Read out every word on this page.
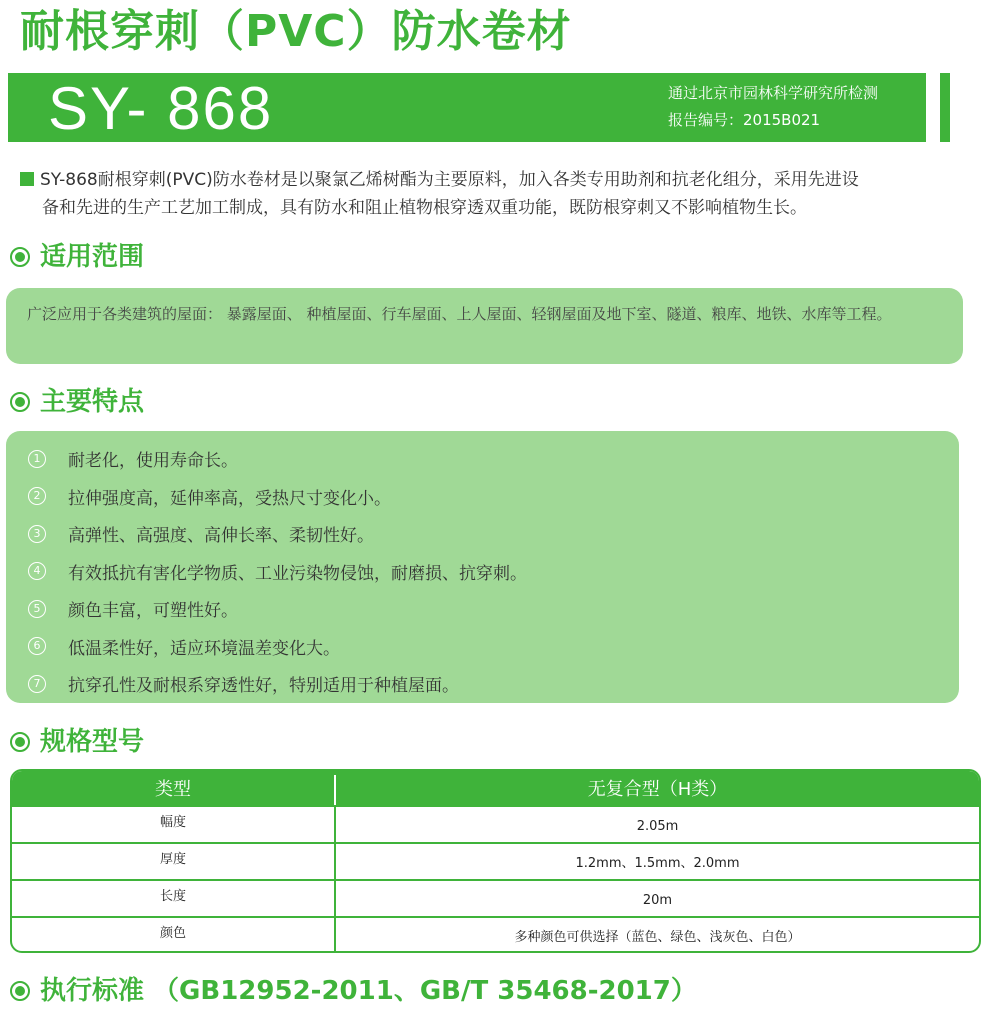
耐根穿刺（PVC）防水卷材
SY- 868	通过北京市园林科学研究所检测
报告编号：2015B021

SY-868耐根穿刺(PVC)防水卷材是以聚氯乙烯树酯为主要原料，加入各类专用助剂和抗老化组分，采用先进设

备和先进的生产工艺加工制成，具有防水和阻止植物根穿透双重功能，既防根穿刺又不影响植物生长。

适用范围
广泛应用于各类建筑的屋面： 暴露屋面、 种植屋面、行车屋面、上人屋面、轻钢屋面及地下室、隧道、粮库、地铁、水库等工程。
主要特点
1	耐老化，使用寿命长。
2	拉伸强度高，延伸率高，受热尺寸变化小。
3	高弹性、高强度、高伸长率、柔韧性好。
4	有效抵抗有害化学物质、工业污染物侵蚀，耐磨损、抗穿刺。
5	颜色丰富，可塑性好。
6	低温柔性好，适应环境温差变化大。
7	抗穿孔性及耐根系穿透性好，特别适用于种植屋面。
规格型号
类型	无复合型（H类）
幅度	2.05m
厚度	1.2mm、1.5mm、2.0mm
长度	20m
颜色	多种颜色可供选择（蓝色、绿色、浅灰色、白色）
执行标准 （GB12952-2011、GB/T 35468-2017）
